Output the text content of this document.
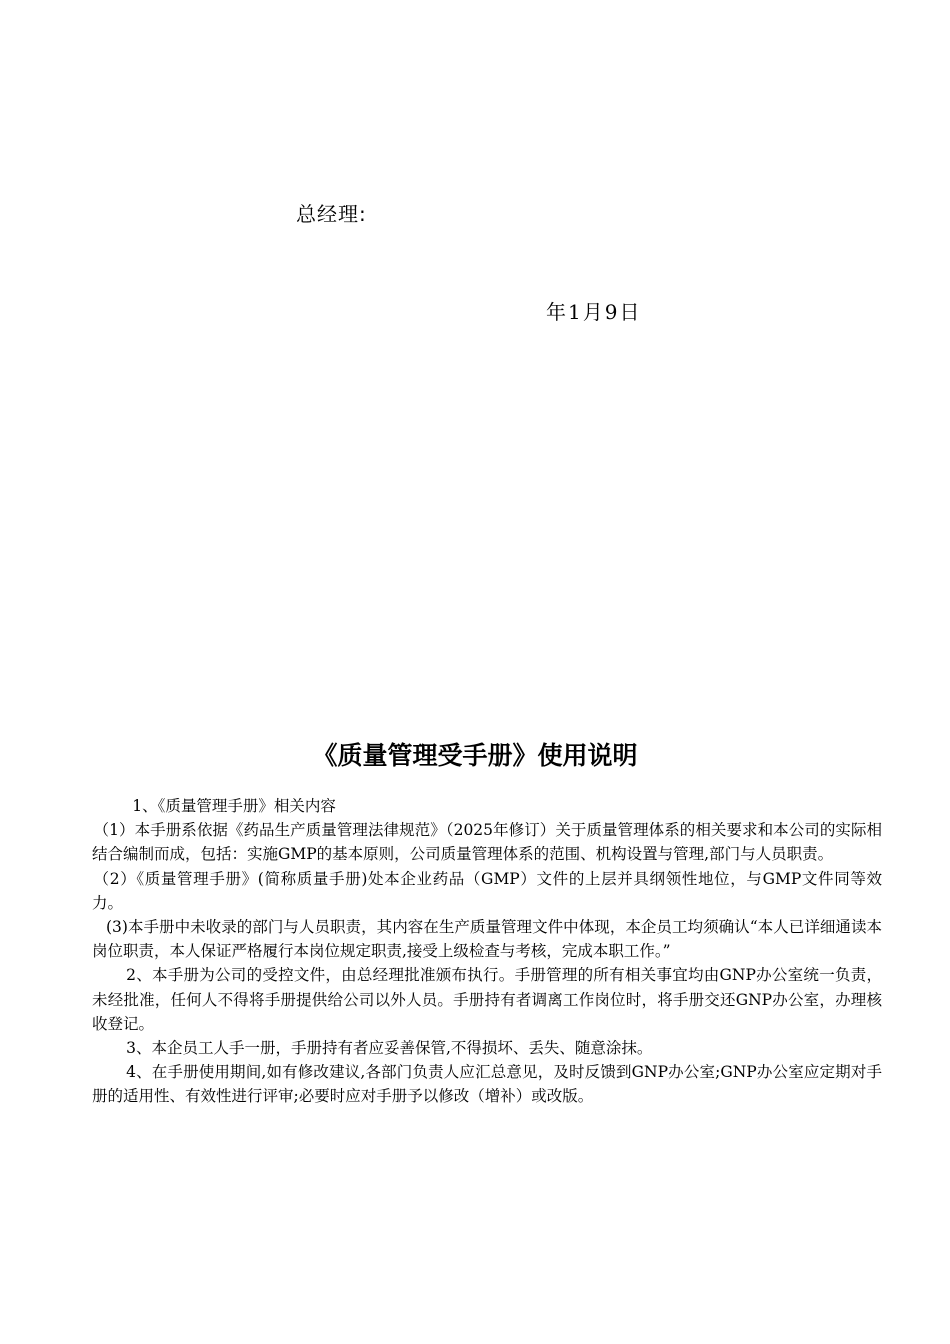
总经理:
年1月9日
《质量管理受手册》使用说明

1、《质量管理手册》相关内容

（1）本手册系依据《药品生产质量管理法律规范》（2025年修订）关于质量管理体系的相关要求和本公司的实际相结合编制而成，包括：实施GMP的基本原则，公司质量管理体系的范围、机构设置与管理,部门与人员职责。

（2）《质量管理手册》(简称质量手册)处本企业药品（GMP）文件的上层并具纲领性地位，与GMP文件同等效力。

(3)本手册中未收录的部门与人员职责，其内容在生产质量管理文件中体现，本企员工均须确认“本人已详细通读本岗位职责，本人保证严格履行本岗位规定职责,接受上级检查与考核，完成本职工作。”

2、本手册为公司的受控文件，由总经理批准颁布执行。手册管理的所有相关事宜均由GNP办公室统一负责，未经批准，任何人不得将手册提供给公司以外人员。手册持有者调离工作岗位时，将手册交还GNP办公室，办理核收登记。

3、本企员工人手一册，手册持有者应妥善保管,不得损坏、丢失、随意涂抹。

4、在手册使用期间,如有修改建议,各部门负责人应汇总意见，及时反馈到GNP办公室;GNP办公室应定期对手册的适用性、有效性进行评审;必要时应对手册予以修改（增补）或改版。
